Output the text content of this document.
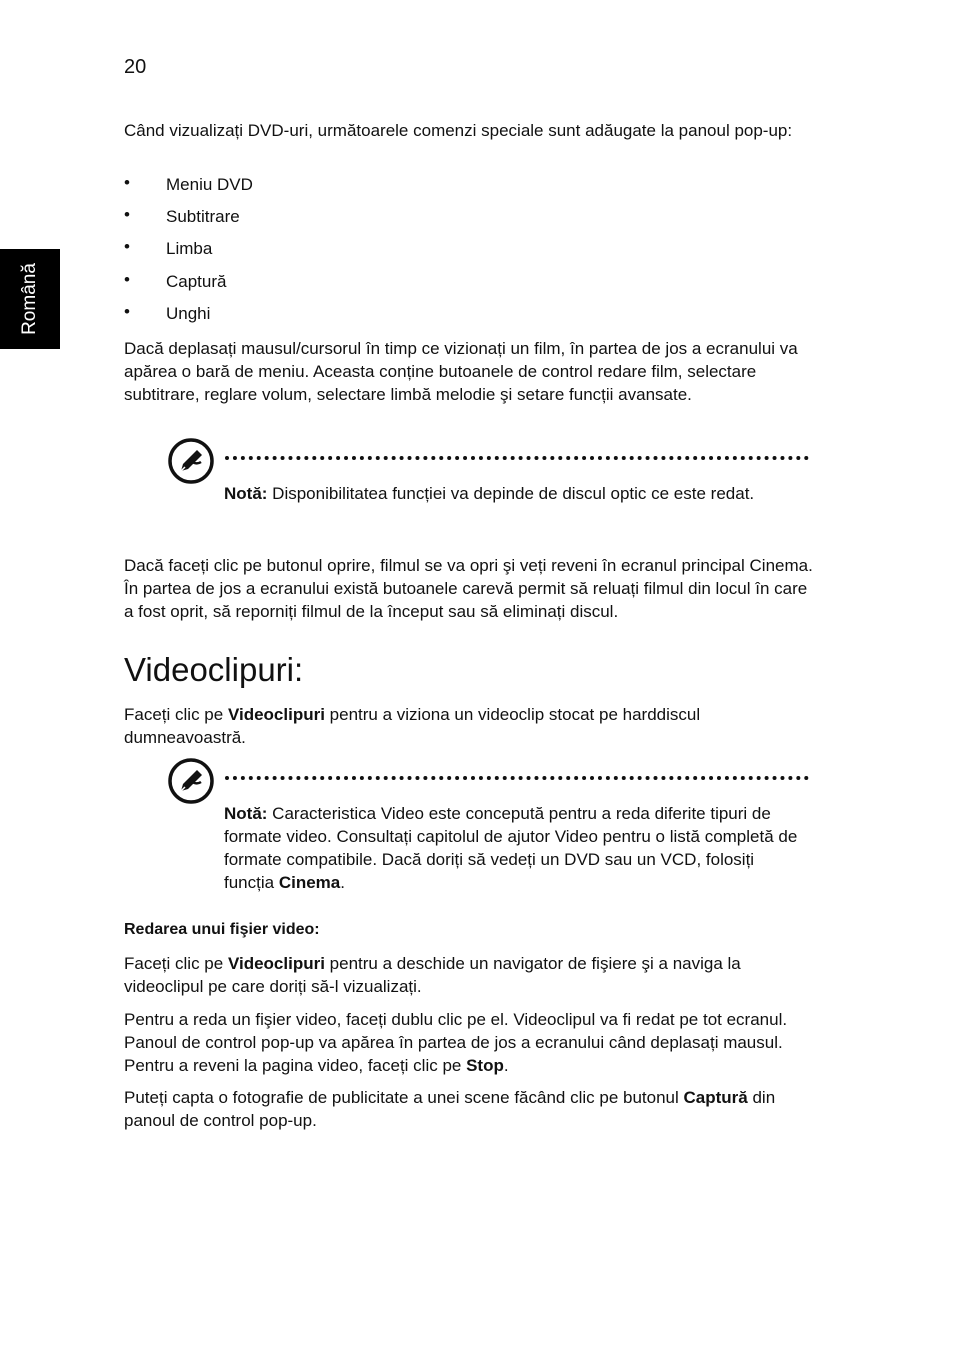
20
Română

Când vizualizați DVD-uri, următoarele comenzi speciale sunt adăugate la panoul pop-up:

• Meniu DVD
• Subtitrare
• Limba
• Captură
• Unghi

Dacă deplasați mausul/cursorul în timp ce vizionați un film, în partea de jos a ecranului va apărea o bară de meniu. Aceasta conține butoanele de control redare film, selectare subtitrare, reglare volum, selectare limbă melodie şi setare funcții avansate.

Notă: Disponibilitatea funcției va depinde de discul optic ce este redat.

Dacă faceți clic pe butonul oprire, filmul se va opri şi veți reveni în ecranul principal Cinema. În partea de jos a ecranului există butoanele carevă permit să reluați filmul din locul în care a fost oprit, să reporniți filmul de la început sau să eliminați discul.

Videoclipuri:

Faceți clic pe Videoclipuri pentru a viziona un videoclip stocat pe harddiscul dumneavoastră.

Notă: Caracteristica Video este concepută pentru a reda diferite tipuri de formate video. Consultați capitolul de ajutor Video pentru o listă completă de formate compatibile. Dacă doriți să vedeți un DVD sau un VCD, folosiți funcția Cinema.

Redarea unui fişier video:

Faceți clic pe Videoclipuri pentru a deschide un navigator de fişiere şi a naviga la videoclipul pe care doriți să-l vizualizați.

Pentru a reda un fişier video, faceți dublu clic pe el. Videoclipul va fi redat pe tot ecranul. Panoul de control pop-up va apărea în partea de jos a ecranului când deplasați mausul. Pentru a reveni la pagina video, faceți clic pe Stop.

Puteți capta o fotografie de publicitate a unei scene făcând clic pe butonul Captură din panoul de control pop-up.
